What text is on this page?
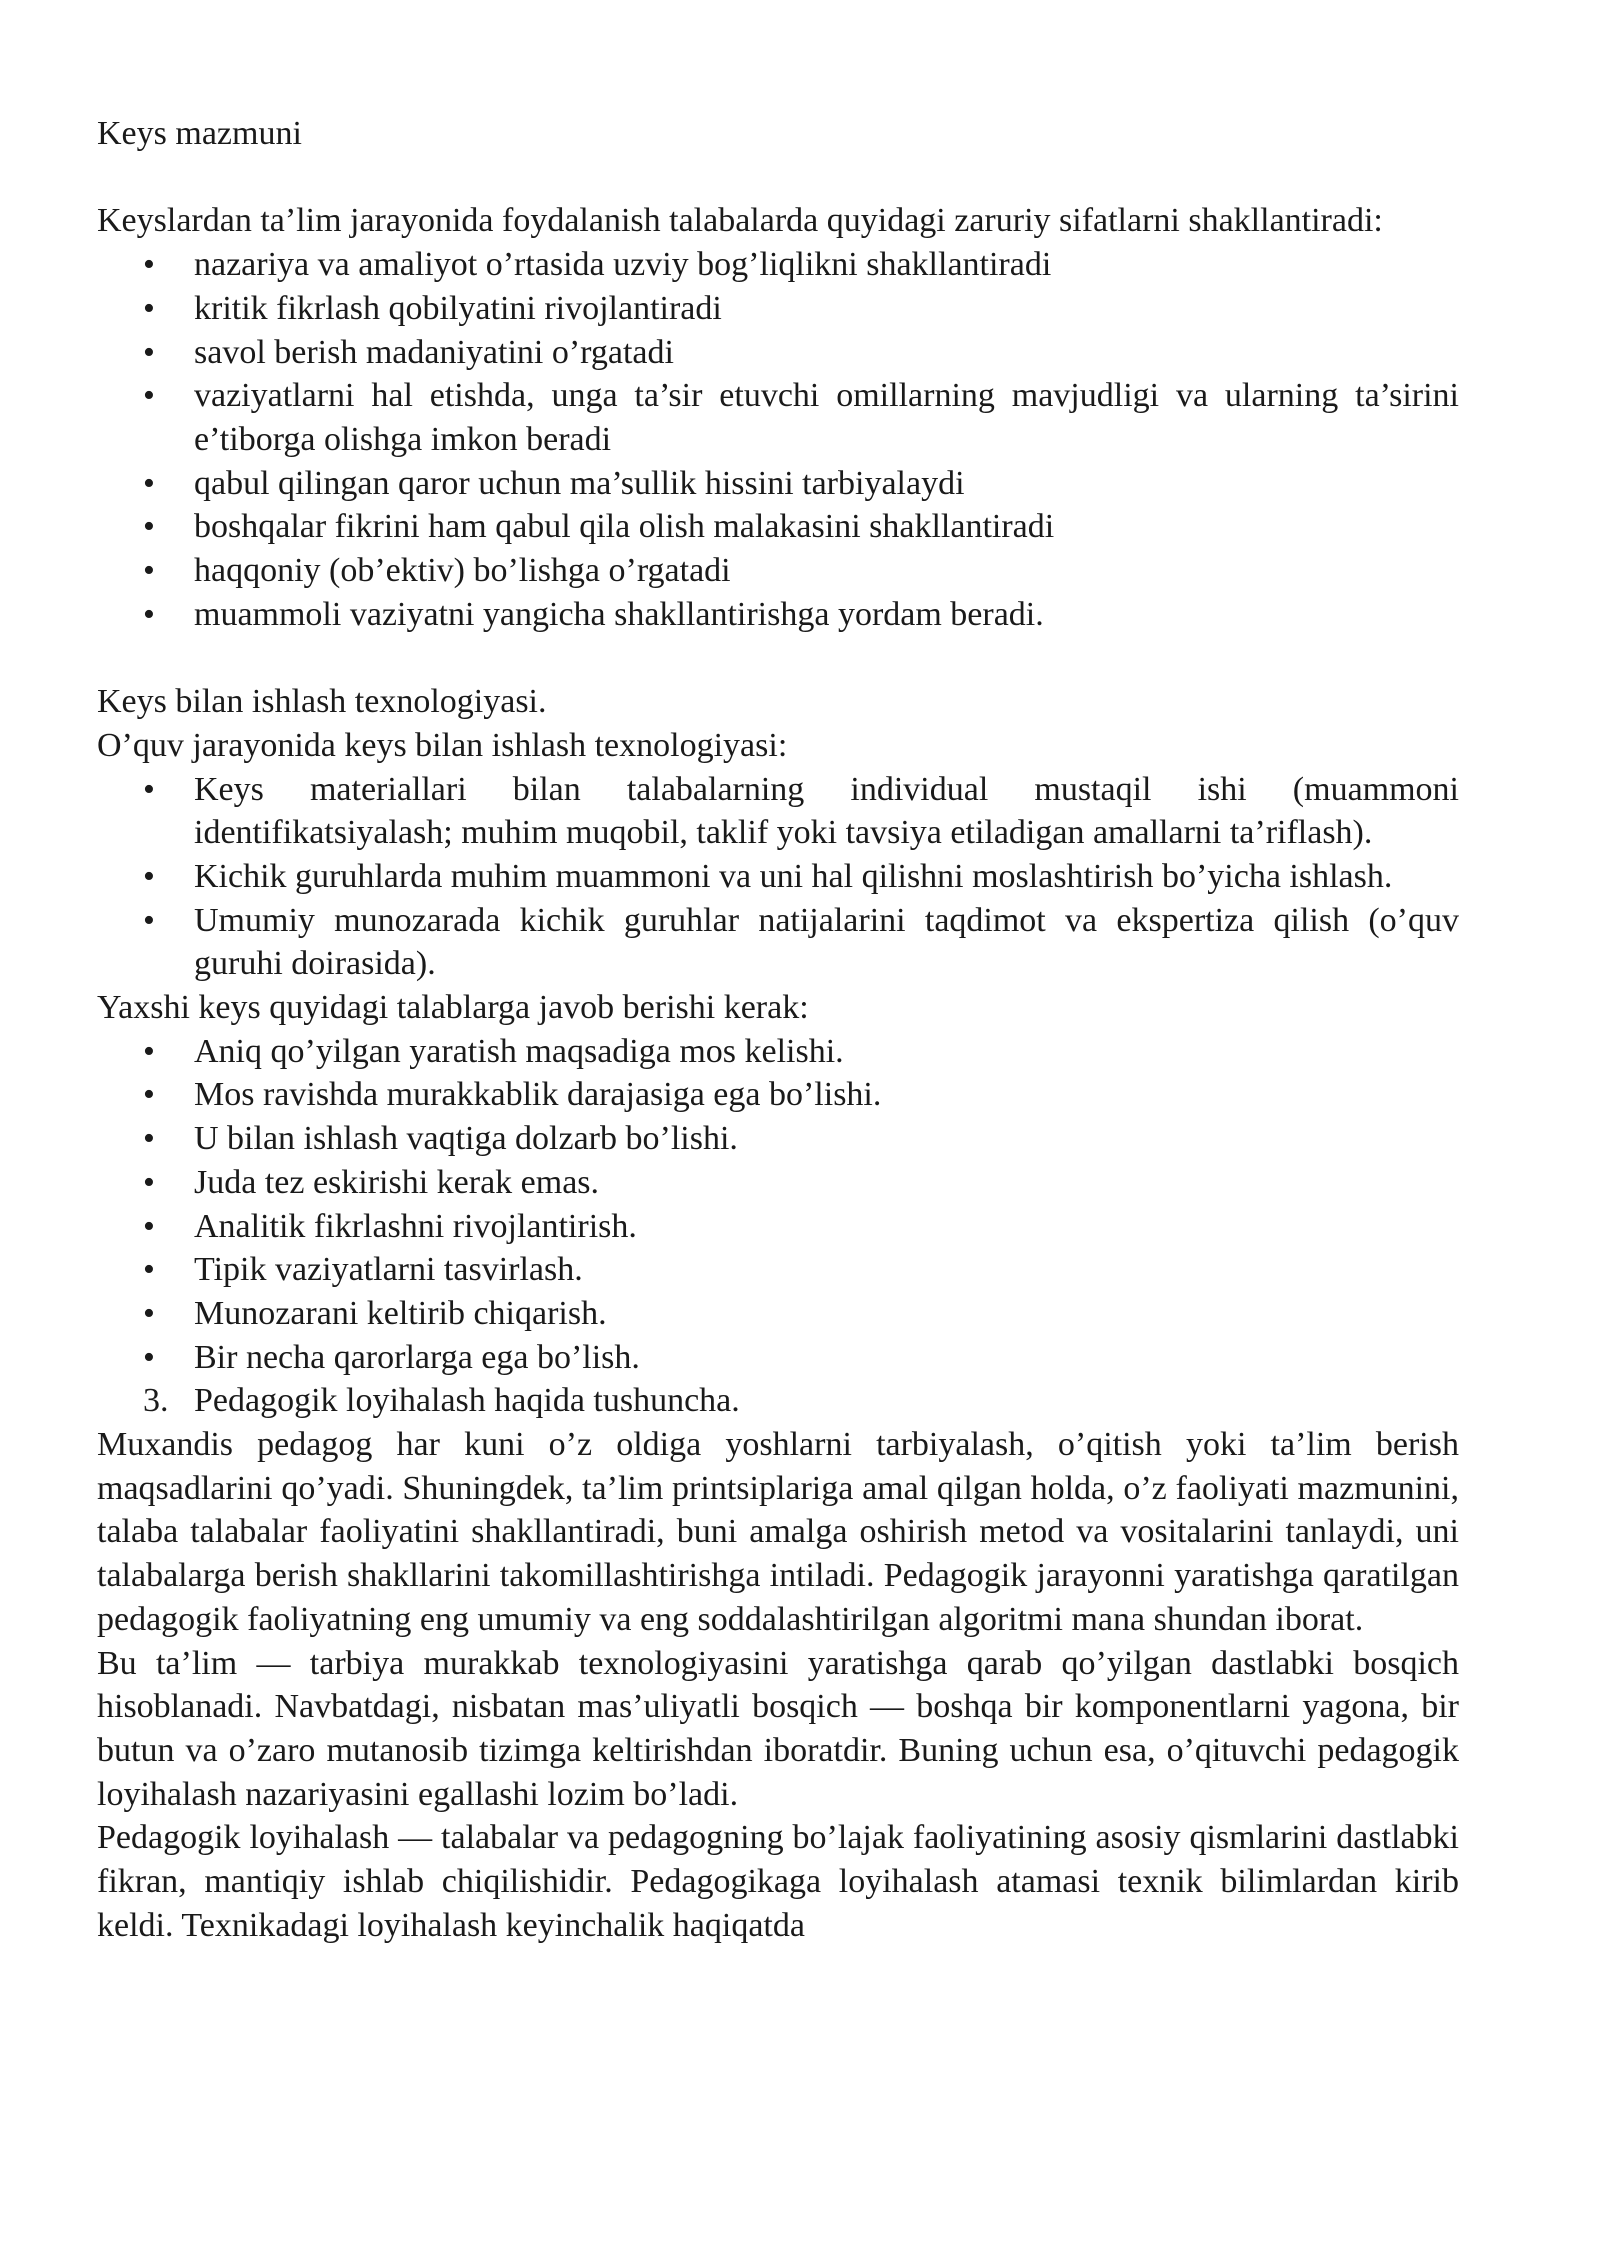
Keys mazmuni

Keyslardan ta’lim jarayonida foydalanish talabalarda quyidagi zaruriy sifatlarni shakllantiradi:

• nazariya va amaliyot o’rtasida uzviy bog’liqlikni shakllantiradi
• kritik fikrlash qobilyatini rivojlantiradi
• savol berish madaniyatini o’rgatadi
• vaziyatlarni hal etishda, unga ta’sir etuvchi omillarning mavjudligi va ularning ta’sirini e’tiborga olishga imkon beradi
• qabul qilingan qaror uchun ma’sullik hissini tarbiyalaydi
• boshqalar fikrini ham qabul qila olish malakasini shakllantiradi
• haqqoniy (ob’ektiv) bo’lishga o’rgatadi
• muammoli vaziyatni yangicha shakllantirishga yordam beradi.

Keys bilan ishlash texnologiyasi.

O’quv jarayonida keys bilan ishlash texnologiyasi:

• Keys materiallari bilan talabalarning individual mustaqil ishi (muammoni identifikatsiyalash; muhim muqobil, taklif yoki tavsiya etiladigan amallarni ta’riflash).
• Kichik guruhlarda muhim muammoni va uni hal qilishni moslashtirish bo’yicha ishlash.
• Umumiy munozarada kichik guruhlar natijalarini taqdimot va ekspertiza qilish (o’quv guruhi doirasida).

Yaxshi keys quyidagi talablarga javob berishi kerak:

• Aniq qo’yilgan yaratish maqsadiga mos kelishi.
• Mos ravishda murakkablik darajasiga ega bo’lishi.
• U bilan ishlash vaqtiga dolzarb bo’lishi.
• Juda tez eskirishi kerak emas.
• Analitik fikrlashni rivojlantirish.
• Tipik vaziyatlarni tasvirlash.
• Munozarani keltirib chiqarish.
• Bir necha qarorlarga ega bo’lish.
3. Pedagogik loyihalash haqida tushuncha.

Muxandis pedagog har kuni o’z oldiga yoshlarni tarbiyalash, o’qitish yoki ta’lim berish maqsadlarini qo’yadi. Shuningdek, ta’lim printsiplariga amal qilgan holda, o’z faoliyati mazmunini, talaba talabalar faoliyatini shakllantiradi, buni amalga oshirish metod va vositalarini tanlaydi, uni talabalarga berish shakllarini takomillashtirishga intiladi. Pedagogik jarayonni yaratishga qaratilgan pedagogik faoliyatning eng umumiy va eng soddalashtirilgan algoritmi mana shundan iborat.

Bu ta’lim — tarbiya murakkab texnologiyasini yaratishga qarab qo’yilgan dastlabki bosqich hisoblanadi. Navbatdagi, nisbatan mas’uliyatli bosqich — boshqa bir komponentlarni yagona, bir butun va o’zaro mutanosib tizimga keltirishdan iboratdir. Buning uchun esa, o’qituvchi pedagogik loyihalash nazariyasini egallashi lozim bo’ladi.

Pedagogik loyihalash — talabalar va pedagogning bo’lajak faoliyatining asosiy qismlarini dastlabki fikran, mantiqiy ishlab chiqilishidir. Pedagogikaga loyihalash atamasi texnik bilimlardan kirib keldi. Texnikadagi loyihalash keyinchalik haqiqatda
